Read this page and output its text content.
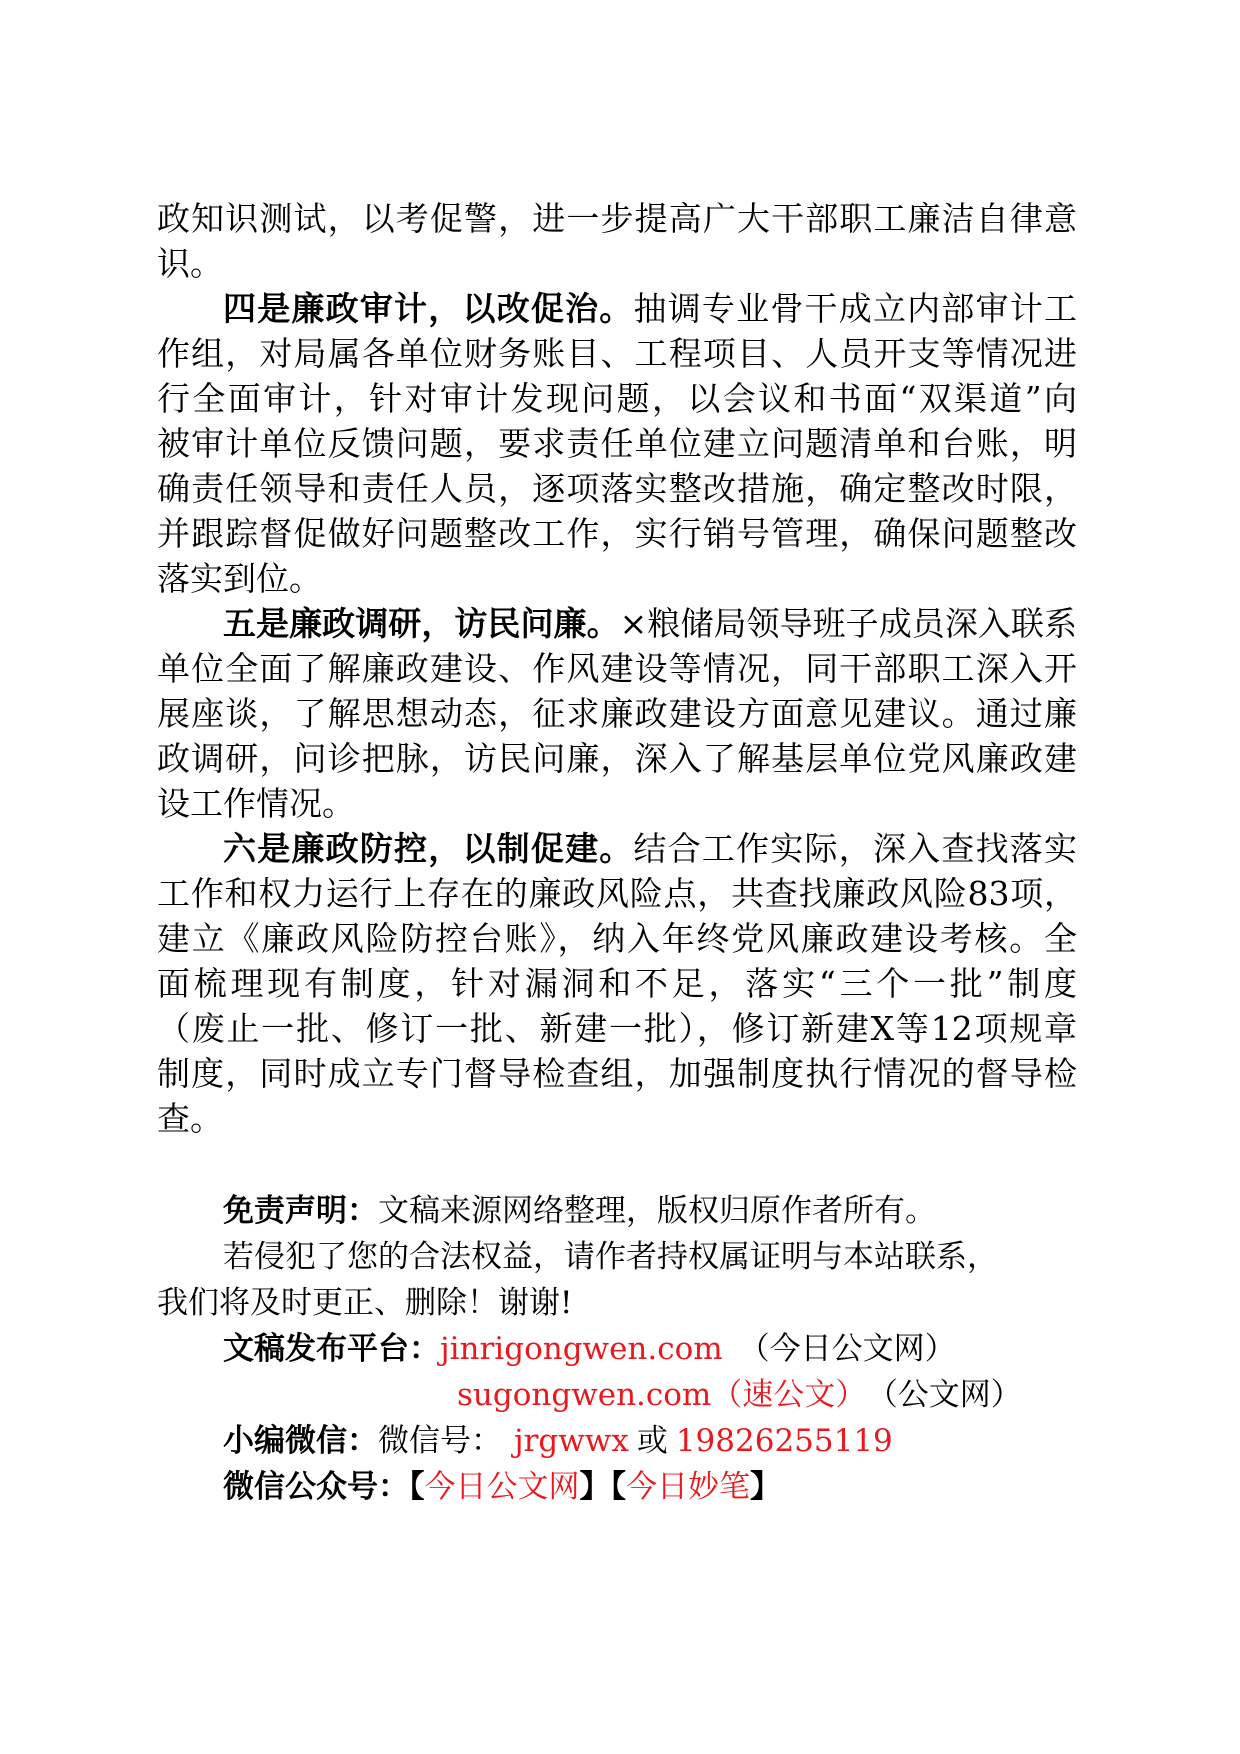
政知识测试，以考促警，进一步提高广大干部职工廉洁自律意
识。
四是廉政审计，以改促治。抽调专业骨干成立内部审计工
作组，对局属各单位财务账目、工程项目、人员开支等情况进
行全面审计，针对审计发现问题，以会议和书面“双渠道”向
被审计单位反馈问题，要求责任单位建立问题清单和台账，明
确责任领导和责任人员，逐项落实整改措施，确定整改时限，
并跟踪督促做好问题整改工作，实行销号管理，确保问题整改
落实到位。
五是廉政调研，访民问廉。×粮储局领导班子成员深入联系
单位全面了解廉政建设、作风建设等情况，同干部职工深入开
展座谈，了解思想动态，征求廉政建设方面意见建议。通过廉
政调研，问诊把脉，访民问廉，深入了解基层单位党风廉政建
设工作情况。
六是廉政防控，以制促建。结合工作实际，深入查找落实
工作和权力运行上存在的廉政风险点，共查找廉政风险83项，
建立《廉政风险防控台账》，纳入年终党风廉政建设考核。全
面梳理现有制度，针对漏洞和不足，落实“三个一批”制度
（废止一批、修订一批、新建一批），修订新建X等12项规章
制度，同时成立专门督导检查组，加强制度执行情况的督导检
查。
免责声明：文稿来源网络整理，版权归原作者所有。
若侵犯了您的合法权益，请作者持权属证明与本站联系，
我们将及时更正、删除！谢谢!
文稿发布平台：jinrigongwen.com （今日公文网）
sugongwen.com（速公文） （公文网）
小编微信：微信号： jrgwwx 或 19826255119
微信公众号：【今日公文网】【今日妙笔】
